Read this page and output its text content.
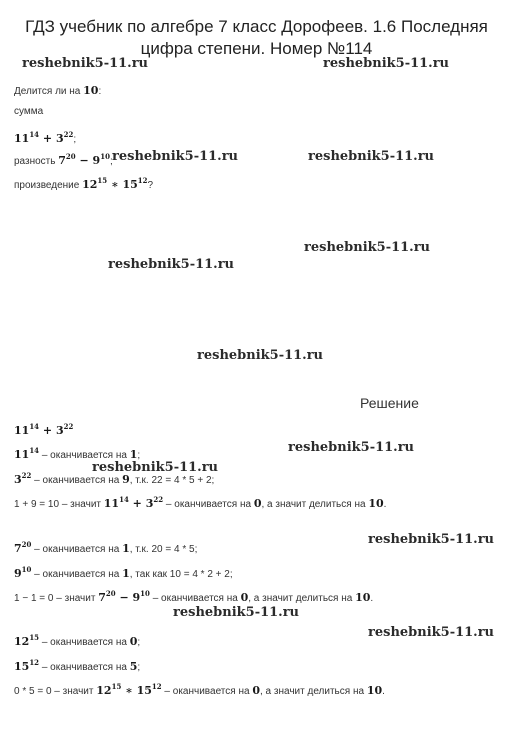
ГДЗ учебник по алгебре 7 класс Дорофеев. 1.6 Последняя
цифра степени. Номер №114
reshebnik5-11.ru	reshebnik5-11.ru
reshebnik5-11.ru	reshebnik5-11.ru
reshebnik5-11.ru
reshebnik5-11.ru
reshebnik5-11.ru
reshebnik5-11.ru
reshebnik5-11.ru
reshebnik5-11.ru
reshebnik5-11.ru
reshebnik5-11.ru
Делится ли на 10:
сумма
$11^{14} + 3^{22}$;
разность $7^{20} - 9^{10}$;
произведение $12^{15}$ ∗ $15^{12}$?
Решение
$11^{14} + 3^{22}$
$11^{14}$ – оканчивается на 1;
$3^{22}$ – оканчивается на 9, т.к. 22 = 4 * 5 + 2;
1 + 9 = 10 – значит $11^{14} + 3^{22}$ – оканчивается на 0, а значит делиться на 10.
$7^{20}$ – оканчивается на 1, т.к. 20 = 4 * 5;
$9^{10}$ – оканчивается на 1, так как 10 = 4 * 2 + 2;
1 − 1 = 0 – значит $7^{20} - 9^{10}$ – оканчивается на 0, а значит делиться на 10.
$12^{15}$ – оканчивается на 0;
$15^{12}$ – оканчивается на 5;
0 * 5 = 0 – значит $12^{15}$ ∗ $15^{12}$ – оканчивается на 0, а значит делиться на 10.
